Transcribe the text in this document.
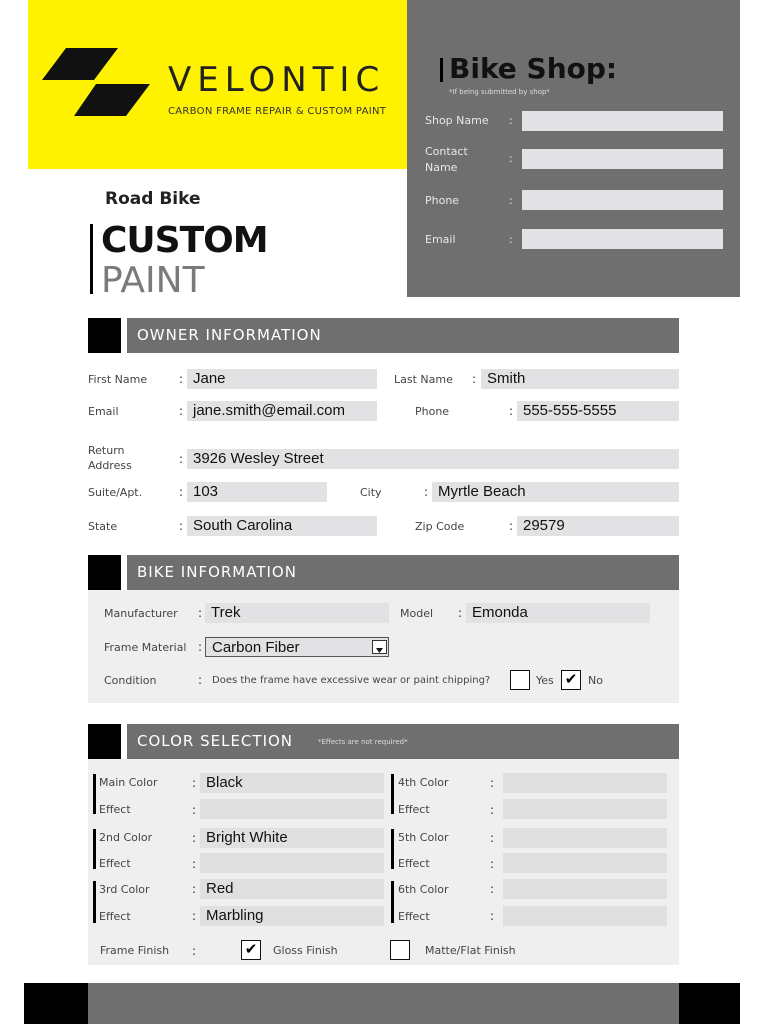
VELONTIC
CARBON FRAME REPAIR & CUSTOM PAINT
Bike Shop:
*If being submitted by shop*
Shop Name :
Contact Name
:
Phone	:
Email	:
Road Bike
CUSTOM
PAINT
OWNER INFORMATION
First Name	: Jane	Last Name : Smith
Email	: jane.smith@email.com	Phone	: 555-555-5555
Return
Address	: 3926 Wesley Street
Suite/Apt.	: 103	City	: Myrtle Beach
State	: South Carolina	Zip Code	: 29579
BIKE INFORMATION
Manufacturer : Trek	Model : Emonda
Frame Material : Carbon Fiber
Condition	: Does the frame have excessive wear or paint chipping?	Yes ✔ No
COLOR SELECTION	*Effects are not required*
Main Color	: Black
Effect	:
2nd Color	: Bright White
Effect	:
3rd Color	: Red
Effect	: Marbling
4th Color	:
Effect	:
5th Color	:
Effect	:
6th Color	:
Effect	:
Frame Finish :	✔	Gloss Finish	Matte/Flat Finish
